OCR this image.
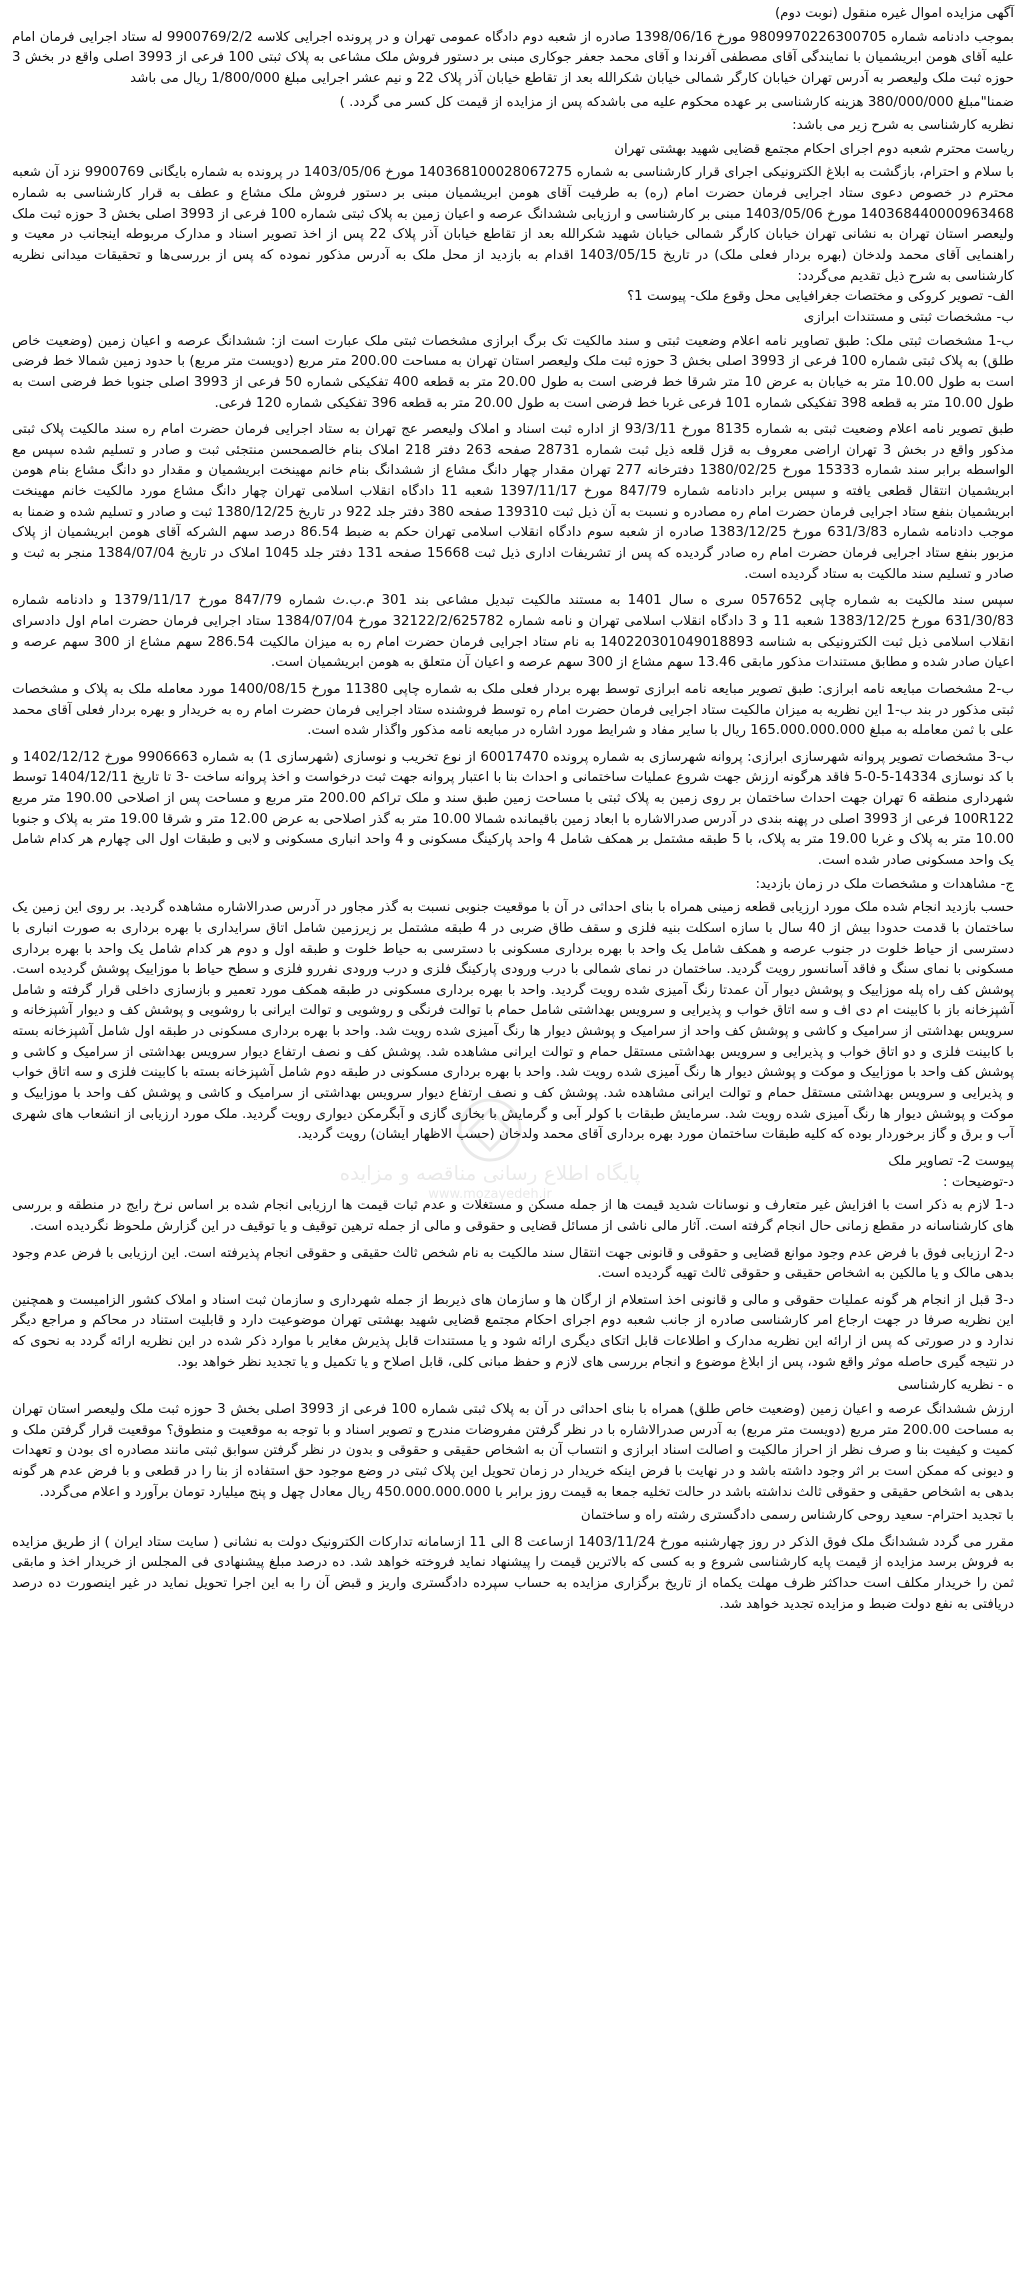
پایگاه اطلاع رسانی مناقصه و مزایده
www.mozayedeh.ir

آگهی مزایده اموال غیره منقول (نوبت دوم)

بموجب دادنامه شماره 9809970226300705 مورخ 1398/06/16 صادره از شعبه دوم دادگاه عمومی تهران و در پرونده اجرایی کلاسه 9900769/2/2 له ستاد اجرایی فرمان امام علیه آقای هومن ابریشمیان با نمایندگی آقای مصطفی آفرندا و آقای محمد جعفر جوکاری مبنی بر دستور فروش ملک مشاعی به پلاک ثبتی 100 فرعی از 3993 اصلی واقع در بخش 3 حوزه ثبت ملک ولیعصر به آدرس تهران خیابان کارگر شمالی خیابان شکرالله بعد از تقاطع خیابان آذر پلاک 22 و نیم عشر اجرایی مبلغ 1/800/000 ریال می باشد

ضمنا"مبلغ 380/000/000 هزینه کارشناسی بر عهده محکوم علیه می باشدکه پس از مزایده از قیمت کل کسر می گردد. )

نظریه کارشناسی به شرح زیر می باشد:

ریاست محترم شعبه دوم اجرای احکام مجتمع قضایی شهید بهشتی تهران

با سلام و احترام، بازگشت به ابلاغ الکترونیکی اجرای قرار کارشناسی به شماره 140368100028067275 مورخ 1403/05/06 در پرونده به شماره بایگانی 9900769 نزد آن شعبه محترم در خصوص دعوی ستاد اجرایی فرمان حضرت امام (ره) به طرفیت آقای هومن ابریشمیان مبنی بر دستور فروش ملک مشاع و عطف به قرار کارشناسی به شماره 140368440000963468 مورخ 1403/05/06 مبنی بر کارشناسی و ارزیابی ششدانگ عرصه و اعیان زمین به پلاک ثبتی شماره 100 فرعی از 3993 اصلی بخش 3 حوزه ثبت ملک ولیعصر استان تهران به نشانی تهران خیابان کارگر شمالی خیابان شهید شکرالله بعد از تقاطع خیابان آذر پلاک 22 پس از اخذ تصویر اسناد و مدارک مربوطه اینجانب در معیت و راهنمایی آقای محمد ولدخان (بهره بردار فعلی ملک) در تاریخ 1403/05/15 اقدام به بازدید از محل ملک به آدرس مذکور نموده که پس از بررسی‌ها و تحقیقات میدانی نظریه کارشناسی به شرح ذیل تقدیم می‌گردد:

الف- تصویر کروکی و مختصات جغرافیایی محل وقوع ملک- پیوست 1؟

ب- مشخصات ثبتی و مستندات ابرازی

ب-1 مشخصات ثبتی ملک: طبق تصاویر نامه اعلام وضعیت ثبتی و سند مالکیت تک برگ ابرازی مشخصات ثبتی ملک عبارت است از: ششدانگ عرصه و اعیان زمین (وضعیت خاص طلق) به پلاک ثبتی شماره 100 فرعی از 3993 اصلی بخش 3 حوزه ثبت ملک ولیعصر استان تهران به مساحت 200.00 متر مربع (دویست متر مربع) با حدود زمین شمالا خط فرضی است به طول 10.00 متر به خیابان به عرض 10 متر شرقا خط فرضی است به طول 20.00 متر به قطعه 400 تفکیکی شماره 50 فرعی از 3993 اصلی جنوبا خط فرضی است به طول 10.00 متر به قطعه 398 تفکیکی شماره 101 فرعی غربا خط فرضی است به طول 20.00 متر به قطعه 396 تفکیکی شماره 120 فرعی.

طبق تصویر نامه اعلام وضعیت ثبتی به شماره 8135 مورخ 93/3/11 از اداره ثبت اسناد و املاک ولیعصر عج تهران به ستاد اجرایی فرمان حضرت امام ره سند مالکیت پلاک ثبتی مذکور واقع در بخش 3 تهران اراضی معروف به قزل قلعه ذیل ثبت شماره 28731 صفحه 263 دفتر 218 املاک بنام خالصمحسن منتجئی ثبت و صادر و تسلیم شده سپس مع الواسطه برابر سند شماره 15333 مورخ 1380/02/25 دفترخانه 277 تهران مقدار چهار دانگ مشاع از ششدانگ بنام خانم مهینخت ابریشمیان و مقدار دو دانگ مشاع بنام هومن ابریشمیان انتقال قطعی یافته و سپس برابر دادنامه شماره 847/79 مورخ 1397/11/17 شعبه 11 دادگاه انقلاب اسلامی تهران چهار دانگ مشاع مورد مالکیت خانم مهینخت ابریشمیان بنفع ستاد اجرایی فرمان حضرت امام ره مصادره و نسبت به آن ذیل ثبت 139310 صفحه 380 دفتر جلد 922 در تاریخ 1380/12/25 ثبت و صادر و تسلیم شده و ضمنا به موجب دادنامه شماره 631/3/83 مورخ 1383/12/25 صادره از شعبه سوم دادگاه انقلاب اسلامی تهران حکم به ضبط 86.54 درصد سهم الشرکه آقای هومن ابریشمیان از پلاک مزبور بنفع ستاد اجرایی فرمان حضرت امام ره صادر گردیده که پس از تشریفات اداری ذیل ثبت 15668 صفحه 131 دفتر جلد 1045 املاک در تاریخ 1384/07/04 منجر به ثبت و صادر و تسلیم سند مالکیت به ستاد گردیده است.

سپس سند مالکیت به شماره چاپی 057652 سری ه سال 1401 به مستند مالکیت تبدیل مشاعی بند 301 م.ب.ث شماره 847/79 مورخ 1379/11/17 و دادنامه شماره 631/30/83 مورخ 1383/12/25 شعبه 11 و 3 دادگاه انقلاب اسلامی تهران و نامه شماره 32122/2/625782 مورخ 1384/07/04 ستاد اجرایی فرمان حضرت امام اول دادسرای انقلاب اسلامی ذیل ثبت الکترونیکی به شناسه 140220301049018893 به نام ستاد اجرایی فرمان حضرت امام ره به میزان مالکیت 286.54 سهم مشاع از 300 سهم عرصه و اعیان صادر شده و مطابق مستندات مذکور مابقی 13.46 سهم مشاع از 300 سهم عرصه و اعیان آن متعلق به هومن ابریشمیان است.

ب-2 مشخصات مبایعه نامه ابرازی: طبق تصویر مبایعه نامه ابرازی توسط بهره بردار فعلی ملک به شماره چاپی 11380 مورخ 1400/08/15 مورد معامله ملک به پلاک و مشخصات ثبتی مذکور در بند ب-1 این نظریه به میزان مالکیت ستاد اجرایی فرمان حضرت امام ره توسط فروشنده ستاد اجرایی فرمان حضرت امام ره به خریدار و بهره بردار فعلی آقای محمد علی با ثمن معامله به مبلغ 165.000.000.000 ریال با سایر مفاد و شرایط مورد اشاره در مبایعه نامه مذکور واگذار شده است.

ب-3 مشخصات تصویر پروانه شهرسازی ابرازی: پروانه شهرسازی به شماره پرونده 60017470 از نوع تخریب و نوسازی (شهرسازی 1) به شماره 9906663 مورخ 1402/12/12 و با کد نوسازی 14334-5-0-5 فاقد هرگونه ارزش جهت شروع عملیات ساختمانی و احداث بنا با اعتبار پروانه جهت ثبت درخواست و اخذ پروانه ساخت -3 تا تاریخ 1404/12/11 توسط شهرداری منطقه 6 تهران جهت احداث ساختمان بر روی زمین به پلاک ثبتی با مساحت زمین طبق سند و ملک تراکم 200.00 متر مربع و مساحت پس از اصلاحی 190.00 متر مربع 100R122 فرعی از 3993 اصلی در پهنه بندی در آدرس صدرالاشاره با ابعاد زمین باقیمانده شمالا 10.00 متر به گذر اصلاحی به عرض 12.00 متر و شرقا 19.00 متر به پلاک و جنوبا 10.00 متر به پلاک و غربا 19.00 متر به پلاک، با 5 طبقه مشتمل بر همکف شامل 4 واحد پارکینگ مسکونی و 4 واحد انباری مسکونی و لابی و طبقات اول الی چهارم هر کدام شامل یک واحد مسکونی صادر شده است.

ج- مشاهدات و مشخصات ملک در زمان بازدید:

حسب بازدید انجام شده ملک مورد ارزیابی قطعه زمینی همراه با بنای احداثی در آن با موقعیت جنوبی نسبت به گذر مجاور در آدرس صدرالاشاره مشاهده گردید. بر روی این زمین یک ساختمان با قدمت حدودا بیش از 40 سال با سازه اسکلت بنیه فلزی و سقف طاق ضربی در 4 طبقه مشتمل بر زیرزمین شامل اتاق سرایداری با بهره برداری به صورت انباری با دسترسی از حیاط خلوت در جنوب عرصه و همکف شامل یک واحد با بهره برداری مسکونی با دسترسی به حیاط خلوت و طبقه اول و دوم هر کدام شامل یک واحد با بهره برداری مسکونی با نمای سنگ و فاقد آسانسور رویت گردید. ساختمان در نمای شمالی با درب ورودی پارکینگ فلزی و درب ورودی نفررو فلزی و سطح حیاط با موزاییک پوشش گردیده است. پوشش کف راه پله موزاییک و پوشش دیوار آن عمدتا رنگ آمیزی شده رویت گردید. واحد با بهره برداری مسکونی در طبقه همکف مورد تعمیر و بازسازی داخلی قرار گرفته و شامل آشپزخانه باز با کابینت ام دی اف و سه اتاق خواب و پذیرایی و سرویس بهداشتی شامل حمام با توالت فرنگی و روشویی و توالت ایرانی با روشویی و پوشش کف و دیوار آشپزخانه و سرویس بهداشتی از سرامیک و کاشی و پوشش کف واحد از سرامیک و پوشش دیوار ها رنگ آمیزی شده رویت شد. واحد با بهره برداری مسکونی در طبقه اول شامل آشپزخانه بسته با کابینت فلزی و دو اتاق خواب و پذیرایی و سرویس بهداشتی مستقل حمام و توالت ایرانی مشاهده شد. پوشش کف و نصف ارتفاع دیوار سرویس بهداشتی از سرامیک و کاشی و پوشش کف واحد با موزاییک و موکت و پوشش دیوار ها رنگ آمیزی شده رویت شد. واحد با بهره برداری مسکونی در طبقه دوم شامل آشپزخانه بسته با کابینت فلزی و سه اتاق خواب و پذیرایی و سرویس بهداشتی مستقل حمام و توالت ایرانی مشاهده شد. پوشش کف و نصف ارتفاع دیوار سرویس بهداشتی از سرامیک و کاشی و پوشش کف واحد با موزاییک و موکت و پوشش دیوار ها رنگ آمیزی شده رویت شد. سرمایش طبقات با کولر آبی و گرمایش با بخاری گازی و آبگرمکن دیواری رویت گردید. ملک مورد ارزیابی از انشعاب های شهری آب و برق و گاز برخوردار بوده که کلیه طبقات ساختمان مورد بهره برداری آقای محمد ولدخان (حسب الاظهار ایشان) رویت گردید.

پیوست 2- تصاویر ملک

د-توضیحات :

د-1 لازم به ذکر است با افزایش غیر متعارف و نوسانات شدید قیمت ها از جمله مسکن و مستغلات و عدم ثبات قیمت ها ارزیابی انجام شده بر اساس نرخ رایج در منطقه و بررسی های کارشناسانه در مقطع زمانی حال انجام گرفته است. آثار مالی ناشی از مسائل قضایی و حقوقی و مالی از جمله ترهین توقیف و یا توقیف در این گزارش ملحوظ نگردیده است.

د-2 ارزیابی فوق با فرض عدم وجود موانع قضایی و حقوقی و قانونی جهت انتقال سند مالکیت به نام شخص ثالث حقیقی و حقوقی انجام پذیرفته است. این ارزیابی با فرض عدم وجود بدهی مالک و یا مالکین به اشخاص حقیقی و حقوقی ثالث تهیه گردیده است.

د-3 قبل از انجام هر گونه عملیات حقوقی و مالی و قانونی اخذ استعلام از ارگان ها و سازمان های ذیربط از جمله شهرداری و سازمان ثبت اسناد و املاک کشور الزامیست و همچنین این نظریه صرفا در جهت ارجاع امر کارشناسی صادره از جانب شعبه دوم اجرای احکام مجتمع قضایی شهید بهشتی تهران موضوعیت دارد و قابلیت استناد در محاکم و مراجع دیگر ندارد و در صورتی که پس از ارائه این نظریه مدارک و اطلاعات قابل اتکای دیگری ارائه شود و یا مستندات قابل پذیرش مغایر با موارد ذکر شده در این نظریه ارائه گردد به نحوی که در نتیجه گیری حاصله موثر واقع شود، پس از ابلاغ موضوع و انجام بررسی های لازم و حفظ مبانی کلی، قابل اصلاح و یا تکمیل و یا تجدید نظر خواهد بود.

ه - نظریه کارشناسی

ارزش ششدانگ عرصه و اعیان زمین (وضعیت خاص طلق) همراه با بنای احداثی در آن به پلاک ثبتی شماره 100 فرعی از 3993 اصلی بخش 3 حوزه ثبت ملک ولیعصر استان تهران به مساحت 200.00 متر مربع (دویست متر مربع) به آدرس صدرالاشاره با در نظر گرفتن مفروضات مندرج و تصویر اسناد و با توجه به موقعیت و منطوق؟ موقعیت قرار گرفتن ملک و کمیت و کیفیت بنا و صرف نظر از احراز مالکیت و اصالت اسناد ابرازی و انتساب آن به اشخاص حقیقی و حقوقی و بدون در نظر گرفتن سوابق ثبتی مانند مصادره ای بودن و تعهدات و دیونی که ممکن است بر اثر وجود داشته باشد و در نهایت با فرض اینکه خریدار در زمان تحویل این پلاک ثبتی در وضع موجود حق استفاده از بنا را در قطعی و با فرض عدم هر گونه بدهی به اشخاص حقیقی و حقوقی ثالث نداشته باشد در حالت تخلیه جمعا به قیمت روز برابر با 450.000.000.000 ریال معادل چهل و پنج میلیارد تومان برآورد و اعلام می‌گردد.

با تجدید احترام- سعید روحی کارشناس رسمی دادگستری رشته راه و ساختمان

مقرر می گردد ششدانگ ملک فوق الذکر در روز چهارشنبه مورخ 1403/11/24 ازساعت 8 الی 11 ازسامانه تدارکات الکترونیک دولت به نشانی ( سایت ستاد ایران ) از طریق مزایده به فروش برسد مزایده از قیمت پایه کارشناسی شروع و به کسی که بالاترین قیمت را پیشنهاد نماید فروخته خواهد شد. ده درصد مبلغ پیشنهادی فی المجلس از خریدار اخذ و مابقی ثمن را خریدار مکلف است حداکثر ظرف مهلت یکماه از تاریخ برگزاری مزایده به حساب سپرده دادگستری واریز و قبض آن را به این اجرا تحویل نماید در غیر اینصورت ده درصد دریافتی به نفع دولت ضبط و مزایده تجدید خواهد شد.
